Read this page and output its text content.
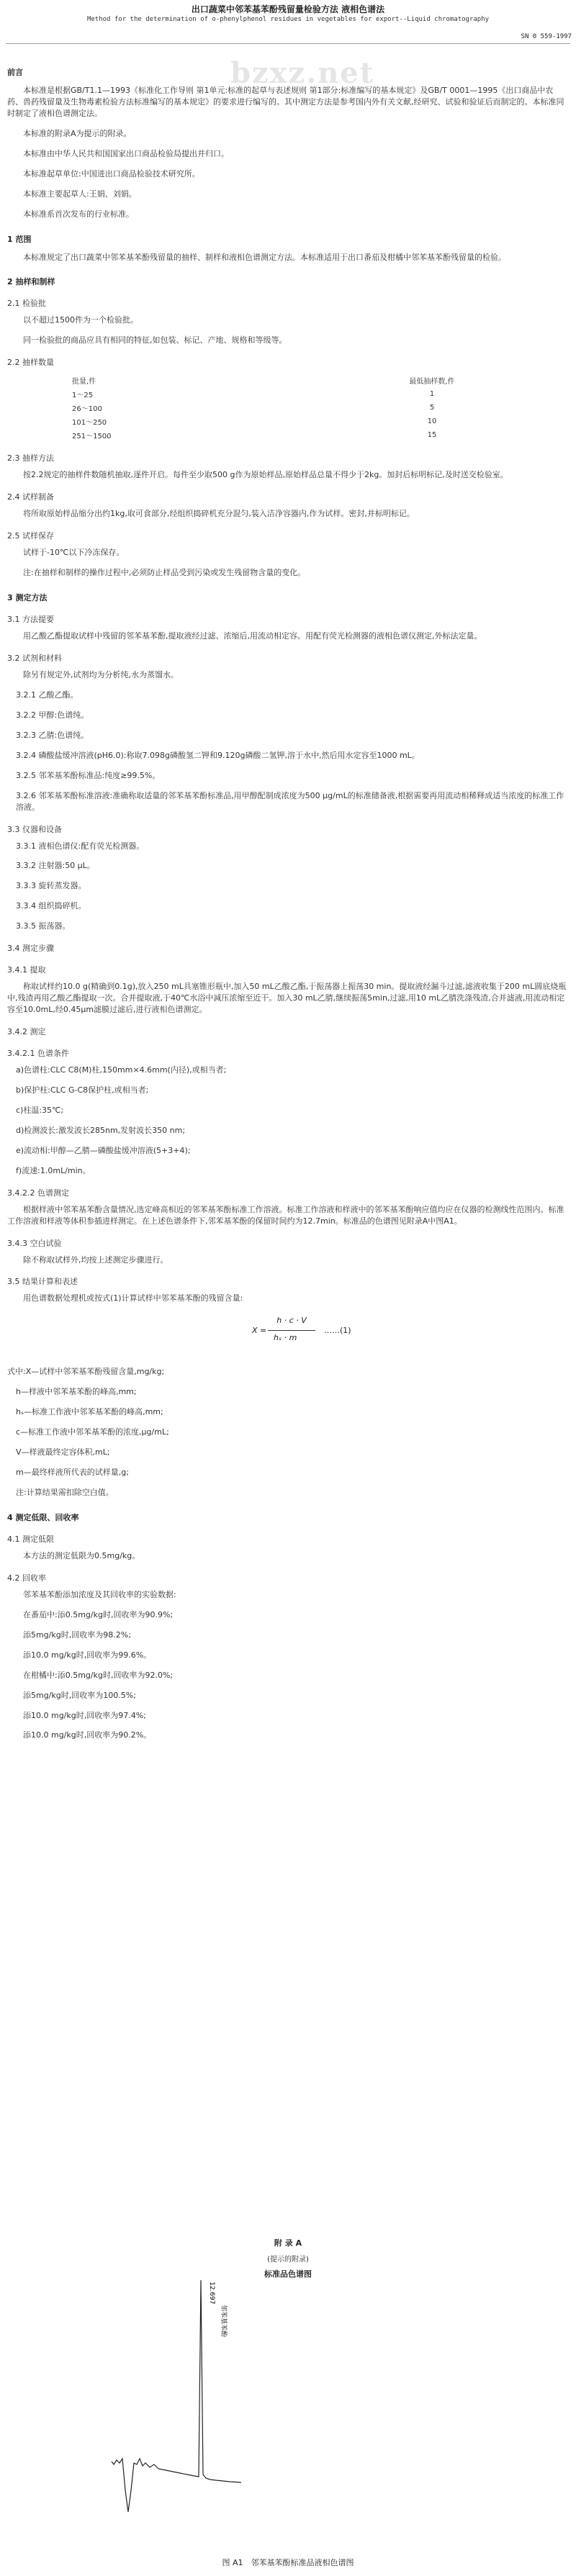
bzxz.net
出口蔬菜中邻苯基苯酚残留量检验方法 液相色谱法
Method for the determination of o-phenylphenol residues in vegetables for export--Liquid chromatography
SN 0 559-1997
前言

本标准是根据GB/T1.1—1993《标准化工作导则 第1单元:标准的起草与表述规则 第1部分:标准编写的基本规定》及GB/T 0001—1995《出口商品中农药、兽药残留量及生物毒素检验方法标准编写的基本规定》的要求进行编写的。其中测定方法是参考国内外有关文献,经研究、试验和验证后而制定的。本标准同时制定了液相色谱测定法。

本标准的附录A为提示的附录。

本标准由中华人民共和国国家出口商品检验局提出并归口。

本标准起草单位:中国进出口商品检验技术研究所。

本标准主要起草人:王娟、刘娟。

本标准系首次发布的行业标准。

1 范围

本标准规定了出口蔬菜中邻苯基苯酚残留量的抽样、制样和液相色谱测定方法。本标准适用于出口番茄及柑橘中邻苯基苯酚残留量的检验。

2 抽样和制样
2.1 检验批

以不超过1500件为一个检验批。

同一检验批的商品应具有相同的特征,如包装、标记、产地、规格和等级等。

2.2 抽样数量
批量,件	最低抽样数,件
1～25	1
26～100	5
101～250	10
251～1500	15
2.3 抽样方法

按2.2规定的抽样件数随机抽取,逐件开启。每件至少取500 g作为原始样品,原始样品总量不得少于2kg。加封后标明标记,及时送交检验室。

2.4 试样制备

将所取原始样品缩分出约1kg,取可食部分,经组织捣碎机充分混匀,装入洁净容器内,作为试样。密封,并标明标记。

2.5 试样保存

试样于-10℃以下冷冻保存。

注:在抽样和制样的操作过程中,必须防止样品受到污染或发生残留物含量的变化。

3 测定方法
3.1 方法提要

用乙酸乙酯提取试样中残留的邻苯基苯酚,提取液经过滤、浓缩后,用流动相定容。用配有荧光检测器的液相色谱仪测定,外标法定量。

3.2 试剂和材料

除另有规定外,试剂均为分析纯,水为蒸馏水。

3.2.1 乙酸乙酯。

3.2.2 甲醇:色谱纯。

3.2.3 乙腈:色谱纯。

3.2.4 磷酸盐缓冲溶液(pH6.0):称取7.098g磷酸氢二钾和9.120g磷酸二氢钾,溶于水中,然后用水定容至1000 mL。

3.2.5 邻苯基苯酚标准品:纯度≥99.5%。

3.2.6 邻苯基苯酚标准溶液:准确称取适量的邻苯基苯酚标准品,用甲醇配制成浓度为500 μg/mL的标准储备液,根据需要再用流动相稀释成适当浓度的标准工作溶液。

3.3 仪器和设备

3.3.1 液相色谱仪:配有荧光检测器。

3.3.2 注射器:50 μL。

3.3.3 旋转蒸发器。

3.3.4 组织捣碎机。

3.3.5 振荡器。

3.4 测定步骤
3.4.1 提取

称取试样约10.0 g(精确到0.1g),放入250 mL具塞锥形瓶中,加入50 mL乙酸乙酯,于振荡器上振荡30 min。提取液经漏斗过滤,滤液收集于200 mL圆底烧瓶中,残渣再用乙酸乙酯提取一次。合并提取液,于40℃水浴中减压浓缩至近干。加入30 mL乙腈,继续振荡5min,过滤,用10 mL乙腈洗涤残渣,合并滤液,用流动相定容至10.0mL,经0.45μm滤膜过滤后,进行液相色谱测定。

3.4.2 测定
3.4.2.1 色谱条件

a)色谱柱:CLC C8(M)柱,150mm×4.6mm(内径),或相当者;

b)保护柱:CLC G-C8保护柱,或相当者;

c)柱温:35℃;

d)检测波长:激发波长285nm,发射波长350 nm;

e)流动相:甲醇—乙腈—磷酸盐缓冲溶液(5+3+4);

f)流速:1.0mL/min。

3.4.2.2 色谱测定

根据样液中邻苯基苯酚含量情况,选定峰高相近的邻苯基苯酚标准工作溶液。标准工作溶液和样液中的邻苯基苯酚响应值均应在仪器的检测线性范围内。标准工作溶液和样液等体积参插进样测定。在上述色谱条件下,邻苯基苯酚的保留时间约为12.7min。标准品的色谱图见附录A中图A1。

3.4.3 空白试验

除不称取试样外,均按上述测定步骤进行。

3.5 结果计算和表述

用色谱数据处理机或按式(1)计算试样中邻苯基苯酚的残留含量:

X =
h · c · V
hₛ · m
……(1)

式中:X—试样中邻苯基苯酚残留含量,mg/kg;

h—样液中邻苯基苯酚的峰高,mm;

hₛ—标准工作液中邻苯基苯酚的峰高,mm;

c—标准工作液中邻苯基苯酚的浓度,μg/mL;

V—样液最终定容体积,mL;

m—最终样液所代表的试样量,g;

注:计算结果需扣除空白值。

4 测定低限、回收率
4.1 测定低限

本方法的测定低限为0.5mg/kg。

4.2 回收率

邻苯基苯酚添加浓度及其回收率的实验数据:

在番茄中:添0.5mg/kg时,回收率为90.9%;

添5mg/kg时,回收率为98.2%;

添10.0 mg/kg时,回收率为99.6%。

在柑橘中:添0.5mg/kg时,回收率为92.0%;

添5mg/kg时,回收率为100.5%;

添10.0 mg/kg时,回收率为97.4%;

添10.0 mg/kg时,回收率为90.2%。

附 录 A
(提示的附录)
标准品色谱图
12.697
邻苯基苯酚
图 A1　邻苯基苯酚标准品液相色谱图
